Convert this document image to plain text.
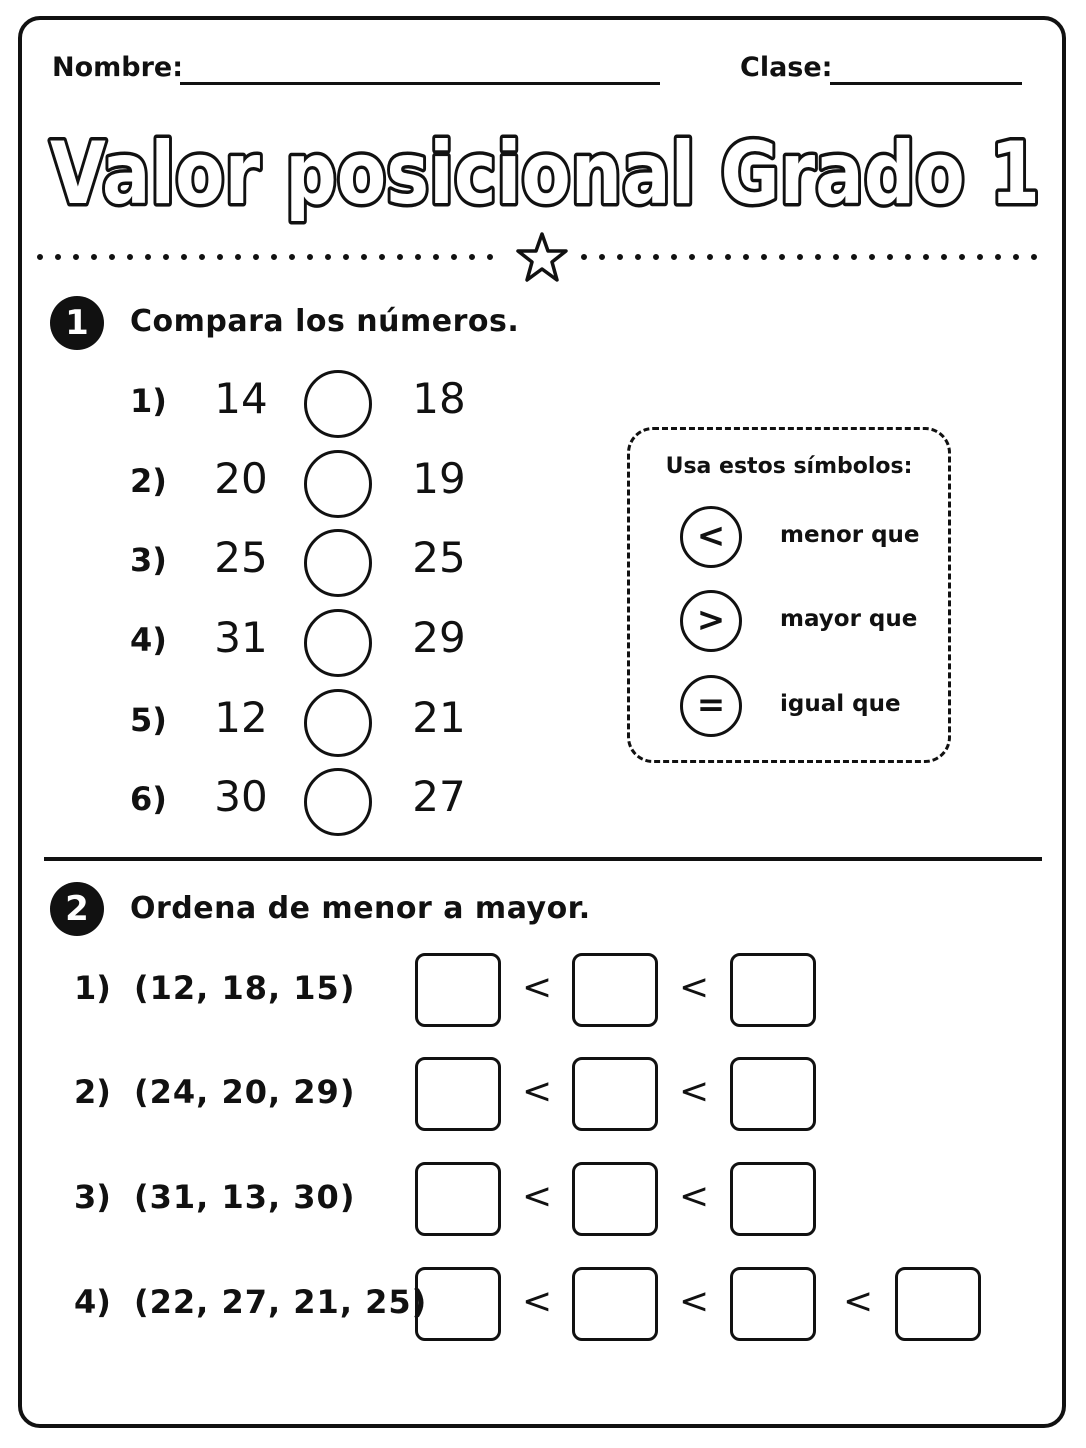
Nombre:	Clase:
Valor posicional Grado 1
1	Compara los números.
1)	14	18
2)	20	19
3)	25	25
4)	31	29
5)	12	21
6)	30	27
Usa estos símbolos:
<	menor que
>	mayor que
=	igual que
2	Ordena de menor a mayor.
1) (12, 18, 15)	<	<
2) (24, 20, 29)	<	<
3) (31, 13, 30)	<	<
4) (22, 27, 21, 25)	<	<	<
